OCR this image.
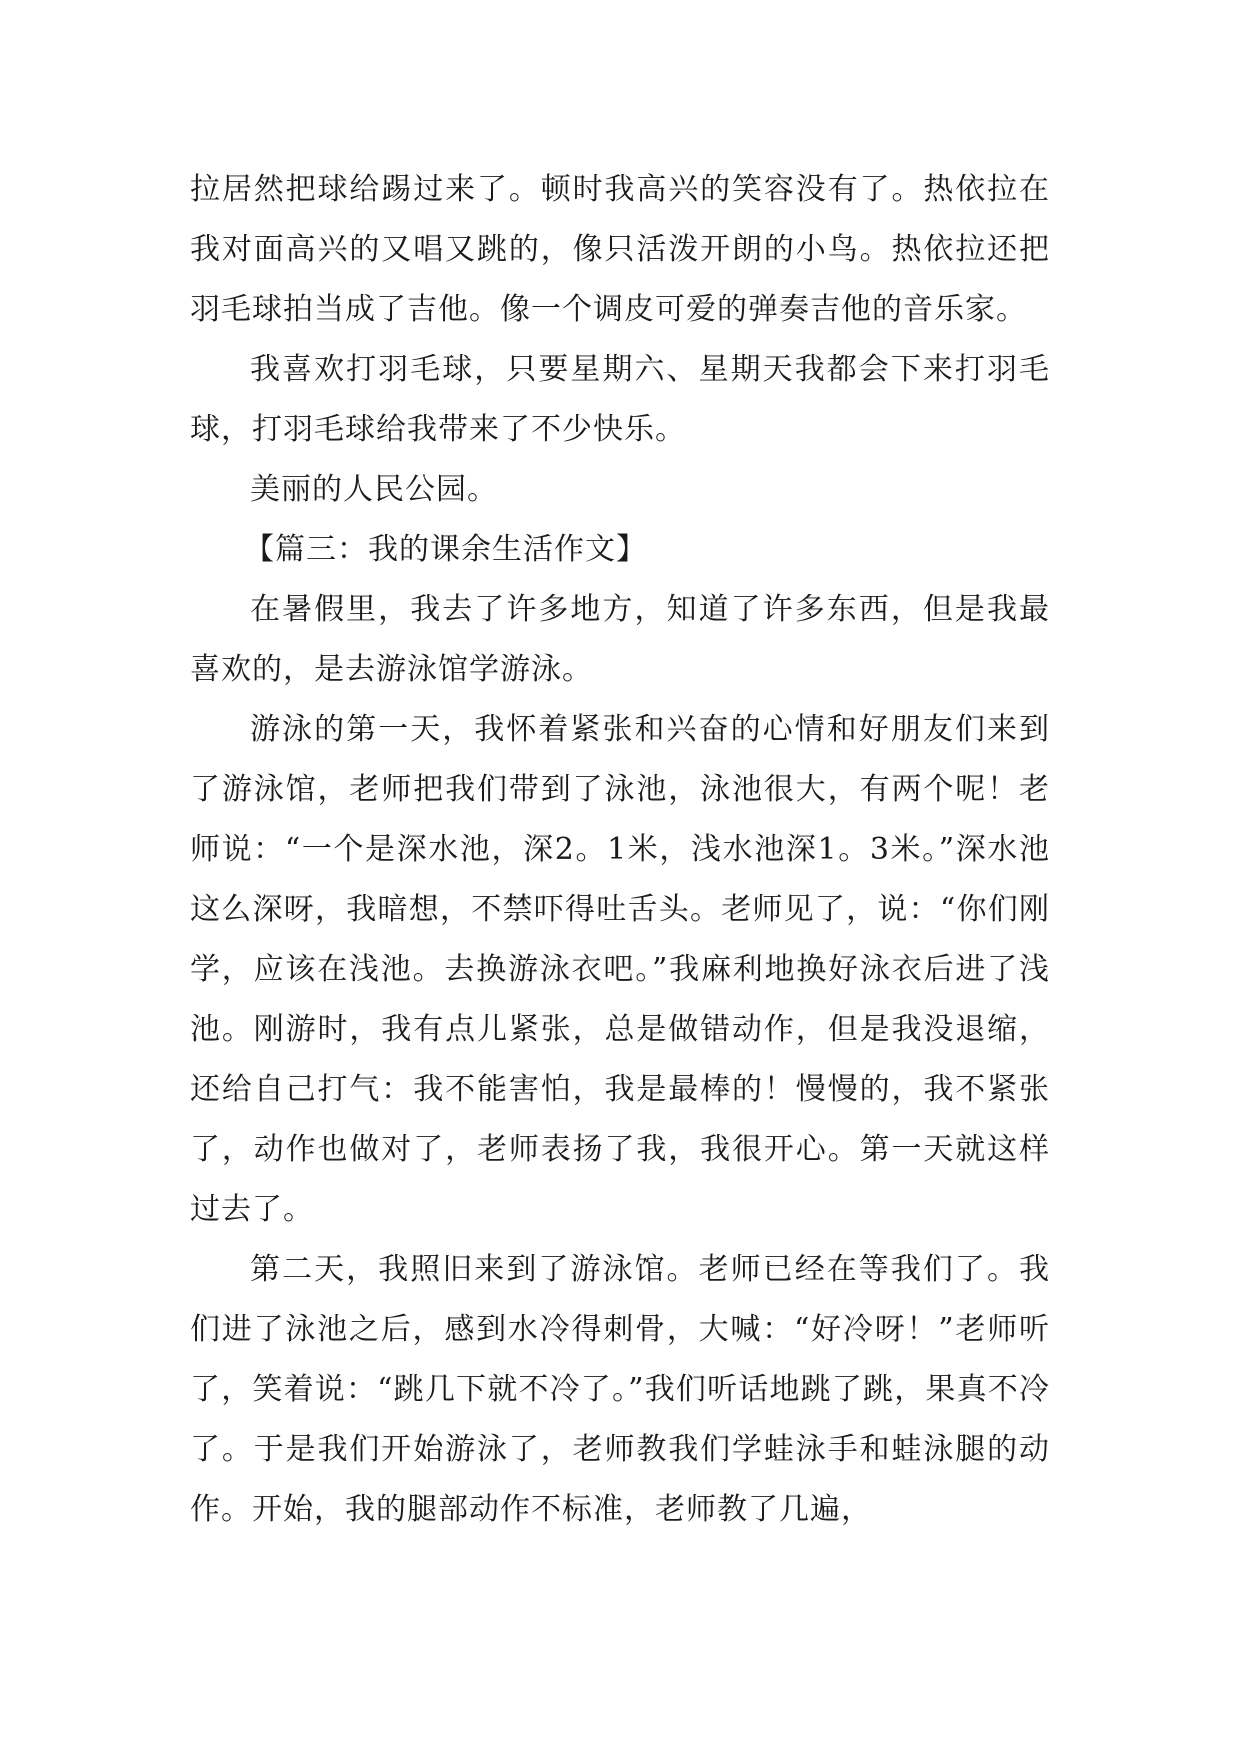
拉居然把球给踢过来了。顿时我高兴的笑容没有了。热依拉在我对面高兴的又唱又跳的，像只活泼开朗的小鸟。热依拉还把羽毛球拍当成了吉他。像一个调皮可爱的弹奏吉他的音乐家。

我喜欢打羽毛球，只要星期六、星期天我都会下来打羽毛球，打羽毛球给我带来了不少快乐。

美丽的人民公园。

【篇三：我的课余生活作文】

在暑假里，我去了许多地方，知道了许多东西，但是我最喜欢的，是去游泳馆学游泳。

游泳的第一天，我怀着紧张和兴奋的心情和好朋友们来到了游泳馆，老师把我们带到了泳池，泳池很大，有两个呢！老师说：“一个是深水池，深2。1米，浅水池深1。3米。”深水池这么深呀，我暗想，不禁吓得吐舌头。老师见了，说：“你们刚学，应该在浅池。去换游泳衣吧。”我麻利地换好泳衣后进了浅池。刚游时，我有点儿紧张，总是做错动作，但是我没退缩，还给自己打气：我不能害怕，我是最棒的！慢慢的，我不紧张了，动作也做对了，老师表扬了我，我很开心。第一天就这样过去了。

第二天，我照旧来到了游泳馆。老师已经在等我们了。我们进了泳池之后，感到水冷得刺骨，大喊：“好冷呀！”老师听了，笑着说：“跳几下就不冷了。”我们听话地跳了跳，果真不冷了。于是我们开始游泳了，老师教我们学蛙泳手和蛙泳腿的动作。开始，我的腿部动作不标准，老师教了几遍，
